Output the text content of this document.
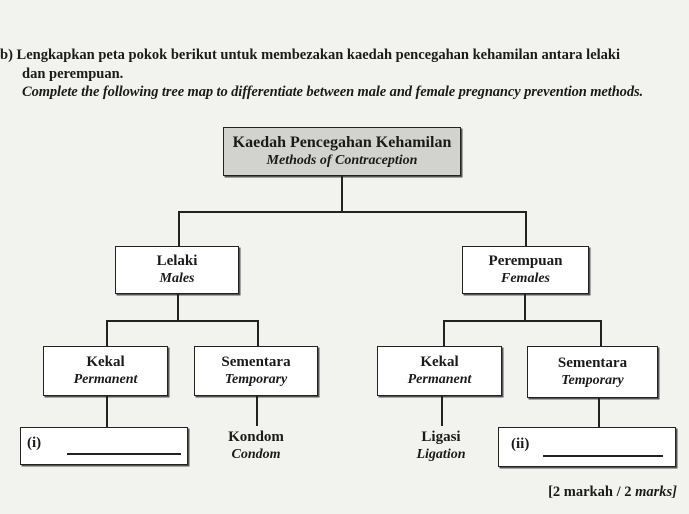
b) Lengkapkan peta pokok berikut untuk membezakan kaedah pencegahan kehamilan antara lelaki
dan perempuan.
Complete the following tree map to differentiate between male and female pregnancy prevention methods.
Kaedah Pencegahan Kehamilan
Methods of Contraception
Lelaki
Males
Perempuan
Females
Kekal
Permanent
Sementara
Temporary
Kekal
Permanent
Sementara
Temporary
(i)	Kondom
Condom
Ligasi
Ligation
(ii)
[2 markah / 2 marks]
